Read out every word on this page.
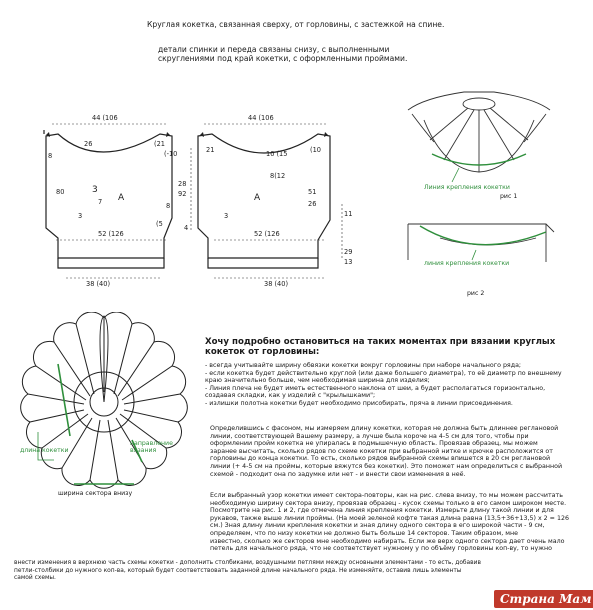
Круглая кокетка, связанная сверху, от горловины, с застежкой на спине.
детали спинки и переда связаны снизу, с выполненными скруглениями под край кокетки, с оформленными проймами.
44 (106	44 (106
52 (126	52 (126
38 (40)	38 (40)
28
92
8
26
8
80
3
7
(21
(-10	21	10 (15
8(12
(10
51
26
3	11
29
13
4
(5
3
А	А
Линия крепления кокетки
рис 1
линия крепления кокетки
рис 2
длина кокетки
направление вязания
ширина сектора внизу
Хочу подробно остановиться на таких моментах при вязании круглых кокеток от горловины:
- всегда учитывайте ширину обвязки кокетки вокруг горловины при наборе начального ряда;
- если кокетка будет действительно круглой (или даже большего диаметра), то её диаметр по внешнему
краю значительно больше, чем необходимая ширина для изделия;
- Линия плеча не будет иметь естественного наклона от шеи, а будет располагаться горизонтально,
создавая складки, как у изделий с "крылышками";
- излишки полотна кокетки будет необходимо присобирать, пряча в линии присоединения.
Определившись с фасоном, мы измеряем длину кокетки, которая не должна быть длиннее реглановой
линии, соответствующей Вашему размеру, а лучше была короче на 4-5 см для того, чтобы при
оформлении пройм кокетка не упиралась в подмышечную область. Провязав образец, мы можем
заранее высчитать, сколько рядов по схеме кокетки при выбранной нитке и крючке расположится от
горловины до конца кокетки. То есть, сколько рядов выбранной схемы впишется в 20 см реглановой
линии (+ 4-5 см на проймы, которые вяжутся без кокетки). Это поможет нам определиться с выбранной
схемой - подходит она по задумке или нет - и внести свои изменения в неё.
Если выбранный узор кокетки имеет сектора-повторы, как на рис. слева внизу, то мы можем рассчитать
необходимую ширину сектора внизу, провязав образец - кусок схемы только в его самом широком месте.
Посмотрите на рис. 1 и 2, где отмечена линия крепления кокетки. Измерьте длину такой линии и для
рукавов, также выше линии проймы. (На моей зеленой кофте такая длина равна (13,5+36+13,5) х 2 = 126
см.) Зная длину линии крепления кокетки и зная длину одного сектора в его широкой части - 9 см,
определяем, что по низу кокетки не должно быть больше 14 секторов. Таким образом, мне
известно, сколько же секторов мне необходимо набирать. Если же верх одного сектора дает очень мало
петель для начального ряда, что не соответствует нужному у по объёму горловины коп-ву, то нужно
внести изменения в верхнюю часть схемы кокетки - дополнить столбиками, воздушными петлями между основными элементами - то есть, добавив
петли-столбики до нужного коп-ва, который будет соответствовать заданной длине начального ряда. Не изменяйте, оставив лишь элементы
самой схемы.
Страна Мам
